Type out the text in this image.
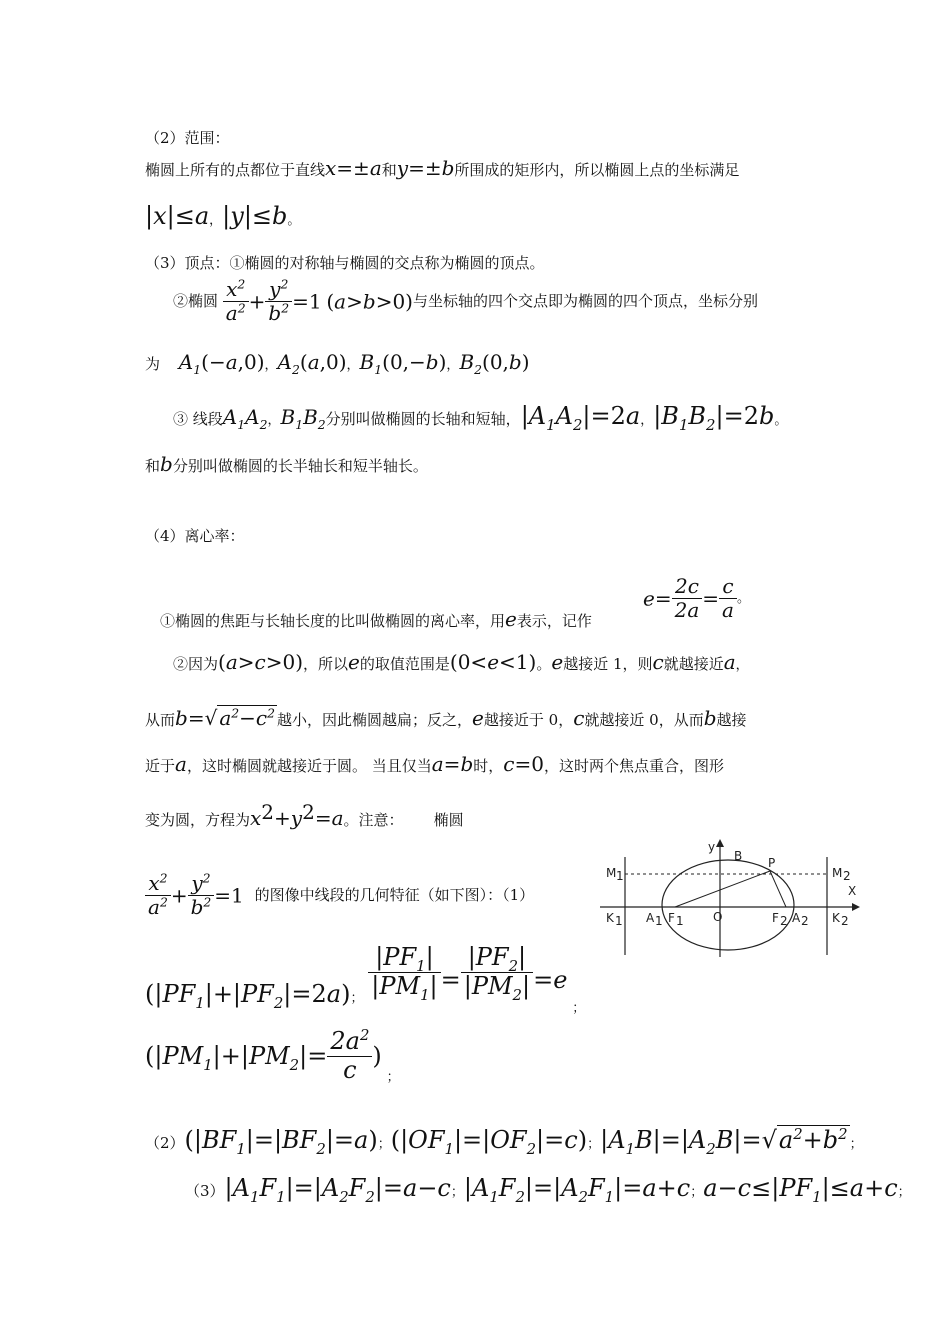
（2）范围：
椭圆上所有的点都位于直线x=±a和y=±b所围成的矩形内，所以椭圆上点的坐标满足
|x|≤a，|y|≤b。
（3）顶点：①椭圆的对称轴与椭圆的交点称为椭圆的顶点。
②椭圆 $\frac{x^2}{a^2} + \frac{y^2}{b^2} =1$ (a>b>0)与坐标轴的四个交点即为椭圆的四个顶点，坐标分别
为 $A_1(-a,0)$，$A_2(a,0)$，$B_1(0,-b)$，$B_2(0,b)$
③ 线段$A_1A_2$，$B_1B_2$分别叫做椭圆的长轴和短轴，$|A_1A_2|=2a$，$|B_1B_2|=2b$。
和b分别叫做椭圆的长半轴长和短半轴长。
（4）离心率：
$e= \frac{2c}{2a} = \frac{c}{a}$ 。
①椭圆的焦距与长轴长度的比叫做椭圆的离心率，用e表示，记作
②因为(a>c>0)，所以e的取值范围是(0<e<1)。e越接近 1，则c就越接近a，
从而b=√ $a^2-c^2$ 越小，因此椭圆越扁；反之，e越接近于 0，c就越接近 0，从而b越接
近于a，这时椭圆就越接近于圆。 当且仅当a=b时，c=0，这时两个焦点重合，图形
变为圆，方程为$x^2+y^2=a$。注意： 椭圆
$\frac{x^2}{a^2} + \frac{y^2}{b^2} =1$ 的图像中线段的几何特征（如下图）：（1）
y
B P
M 1	M 2
X
K 1 A 1 F 1 O	F 2 A 2 K 2
$(|PF_1|+|PF_2|=2a)$； $\frac{|PF_1|}{|PM_1|} = \frac{|PF_2|}{|PM_2|} =e$ ；
($|PM_1|+|PM_2|= \frac{2a^2}{c}$ ) ；
$(2)(|BF_1|=|BF_2|=a)$；$(|OF_1|=|OF_2|=c)$；$|A_1B|=|A_2B|=√a^2+b^2$；
$(3)|A_1F_1|=|A_2F_2|=a-c$；$|A_1F_2|=|A_2F_1|=a+c$；$a-c\le|PF_1|\le a+c$；
